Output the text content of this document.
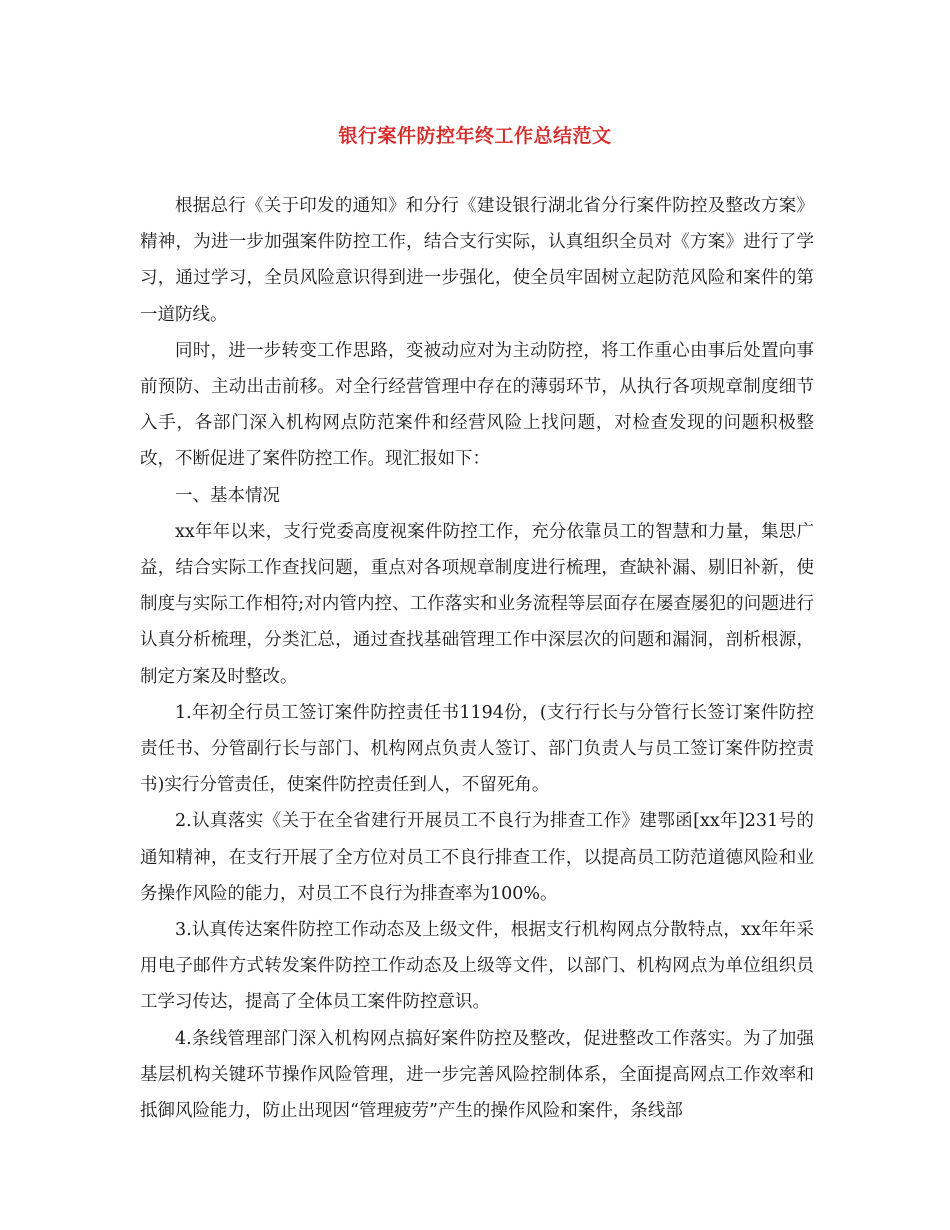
银行案件防控年终工作总结范文

根据总行《关于印发的通知》和分行《建设银行湖北省分行案件防控及整改方案》精神，为进一步加强案件防控工作，结合支行实际，认真组织全员对《方案》进行了学习，通过学习，全员风险意识得到进一步强化，使全员牢固树立起防范风险和案件的第一道防线。

同时，进一步转变工作思路，变被动应对为主动防控，将工作重心由事后处置向事前预防、主动出击前移。对全行经营管理中存在的薄弱环节，从执行各项规章制度细节入手，各部门深入机构网点防范案件和经营风险上找问题，对检查发现的问题积极整改，不断促进了案件防控工作。现汇报如下：

一、基本情况

xx年年以来，支行党委高度视案件防控工作，充分依靠员工的智慧和力量，集思广益，结合实际工作查找问题，重点对各项规章制度进行梳理，查缺补漏、剔旧补新，使制度与实际工作相符;对内管内控、工作落实和业务流程等层面存在屡查屡犯的问题进行认真分析梳理，分类汇总，通过查找基础管理工作中深层次的问题和漏洞，剖析根源，制定方案及时整改。

1.年初全行员工签订案件防控责任书1194份，(支行行长与分管行长签订案件防控责任书、分管副行长与部门、机构网点负责人签订、部门负责人与员工签订案件防控责书)实行分管责任，使案件防控责任到人，不留死角。

2.认真落实《关于在全省建行开展员工不良行为排查工作》建鄂函[xx年]231号的通知精神，在支行开展了全方位对员工不良行排查工作，以提高员工防范道德风险和业务操作风险的能力，对员工不良行为排查率为100%。

3.认真传达案件防控工作动态及上级文件，根据支行机构网点分散特点，xx年年采用电子邮件方式转发案件防控工作动态及上级等文件，以部门、机构网点为单位组织员工学习传达，提高了全体员工案件防控意识。

4.条线管理部门深入机构网点搞好案件防控及整改，促进整改工作落实。为了加强基层机构关键环节操作风险管理，进一步完善风险控制体系，全面提高网点工作效率和抵御风险能力，防止出现因“管理疲劳”产生的操作风险和案件，条线部
